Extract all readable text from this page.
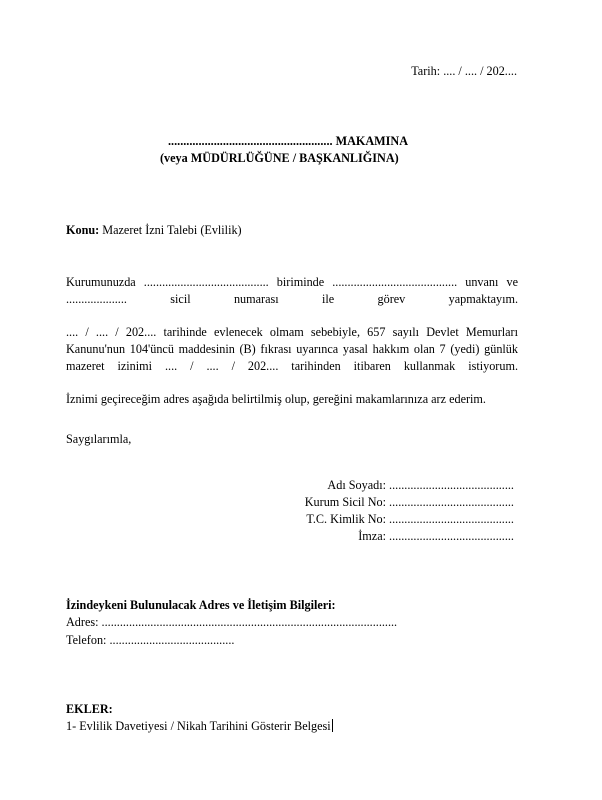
Tarih: .... / .... / 202....
...................................................... MAKAMINA
(veya MÜDÜRLÜĞÜNE / BAŞKANLIĞINA)
Konu: Mazeret İzni Talebi (Evlilik)
Kurumunuzda ......................................... biriminde ......................................... unvanı ve
.................... sicil numarası ile görev yapmaktayım.
.... / .... / 202.... tarihinde evlenecek olmam sebebiyle, 657 sayılı Devlet Memurları
Kanunu'nun 104'üncü maddesinin (B) fıkrası uyarınca yasal hakkım olan 7 (yedi) günlük
mazeret izinimi .... / .... / 202.... tarihinden itibaren kullanmak istiyorum.
İznimi geçireceğim adres aşağıda belirtilmiş olup, gereğini makamlarınıza arz ederim.
Saygılarımla,
Adı Soyadı: .........................................
Kurum Sicil No: .........................................
T.C. Kimlik No: .........................................
İmza: .........................................
İzindeykeni Bulunulacak Adres ve İletişim Bilgileri:
Adres: .................................................................................................
Telefon: .........................................
EKLER:
1- Evlilik Davetiyesi / Nikah Tarihini Gösterir Belgesi
